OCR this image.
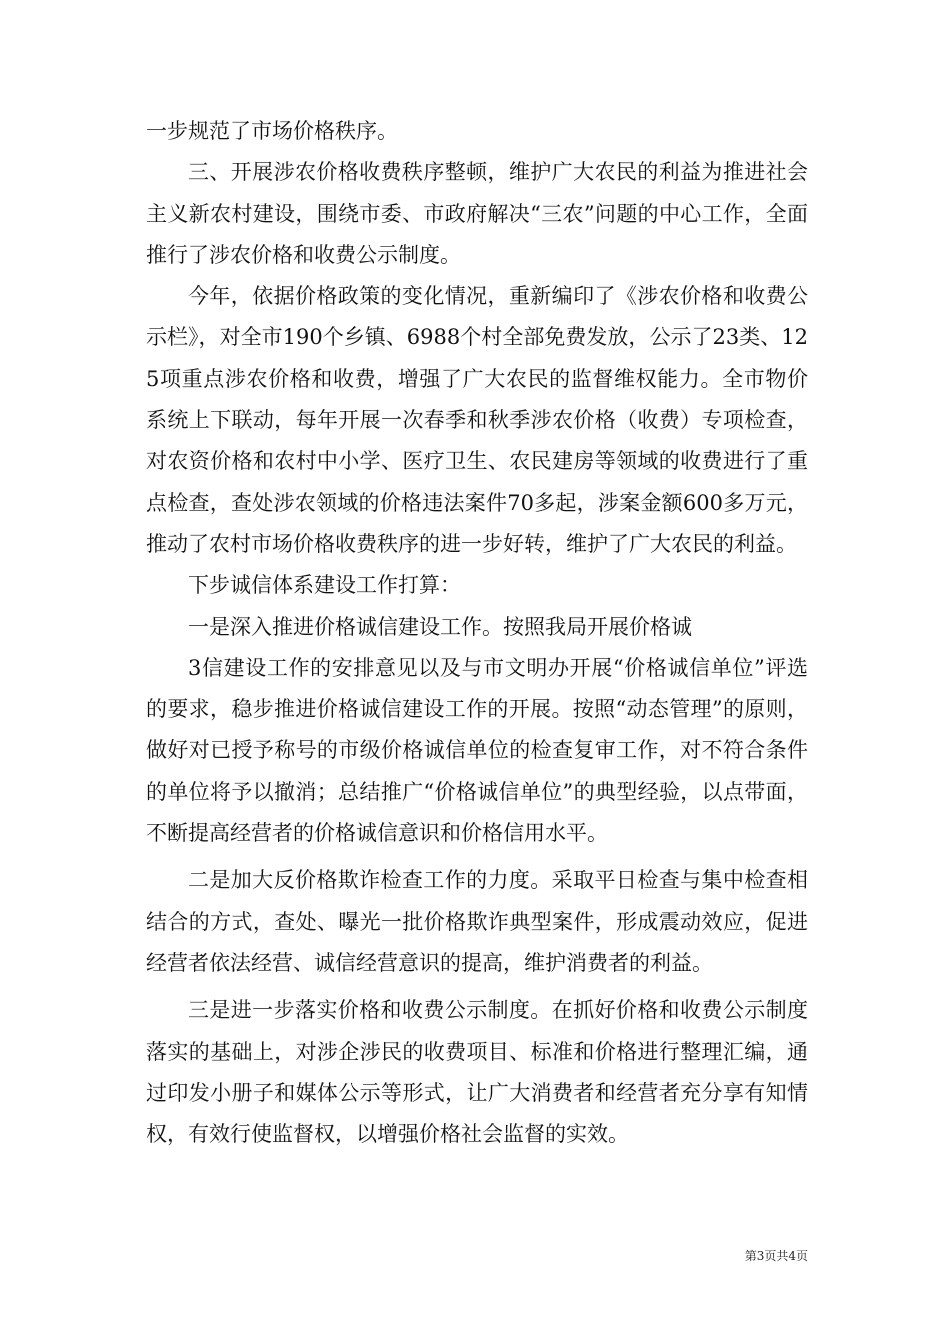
一步规范了市场价格秩序。

三、开展涉农价格收费秩序整顿，维护广大农民的利益为推进社会主义新农村建设，围绕市委、市政府解决“三农”问题的中心工作，全面推行了涉农价格和收费公示制度。

今年，依据价格政策的变化情况，重新编印了《涉农价格和收费公示栏》，对全市190个乡镇、6988个村全部免费发放，公示了23类、125项重点涉农价格和收费，增强了广大农民的监督维权能力。全市物价系统上下联动，每年开展一次春季和秋季涉农价格（收费）专项检查，对农资价格和农村中小学、医疗卫生、农民建房等领域的收费进行了重点检查，查处涉农领域的价格违法案件70多起，涉案金额600多万元，推动了农村市场价格收费秩序的进一步好转，维护了广大农民的利益。

下步诚信体系建设工作打算：

一是深入推进价格诚信建设工作。按照我局开展价格诚

3信建设工作的安排意见以及与市文明办开展“价格诚信单位”评选的要求，稳步推进价格诚信建设工作的开展。按照“动态管理”的原则，做好对已授予称号的市级价格诚信单位的检查复审工作，对不符合条件的单位将予以撤消；总结推广“价格诚信单位”的典型经验，以点带面，不断提高经营者的价格诚信意识和价格信用水平。

二是加大反价格欺诈检查工作的力度。采取平日检查与集中检查相结合的方式，查处、曝光一批价格欺诈典型案件，形成震动效应，促进经营者依法经营、诚信经营意识的提高，维护消费者的利益。

三是进一步落实价格和收费公示制度。在抓好价格和收费公示制度落实的基础上，对涉企涉民的收费项目、标准和价格进行整理汇编，通过印发小册子和媒体公示等形式，让广大消费者和经营者充分享有知情权，有效行使监督权，以增强价格社会监督的实效。

第3页共4页
